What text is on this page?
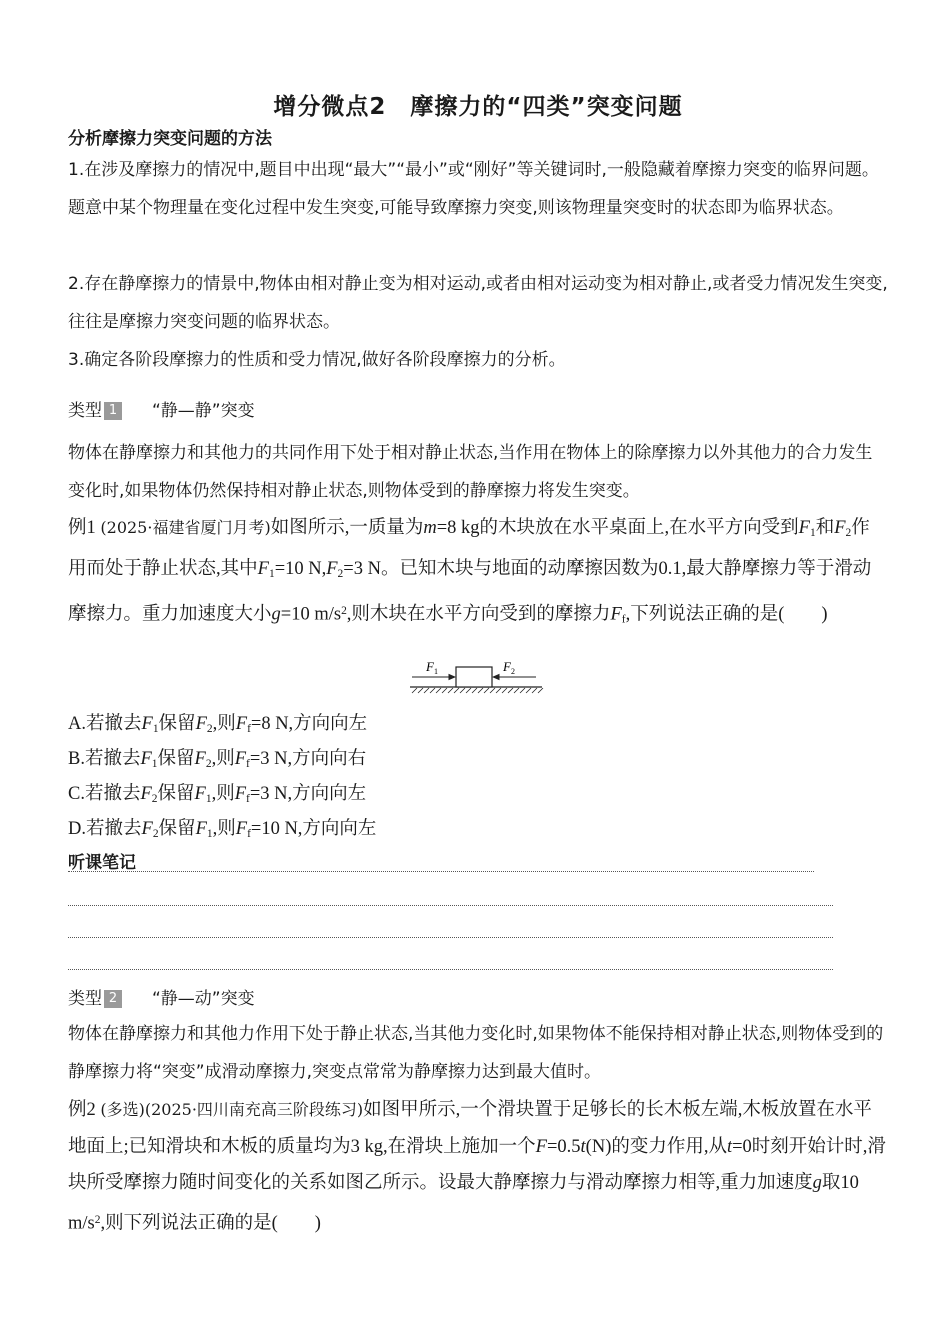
增分微点2　摩擦力的“四类”突变问题
分析摩擦力突变问题的方法
1.在涉及摩擦力的情况中,题目中出现“最大”“最小”或“刚好”等关键词时,一般隐藏着摩擦力突变的临界问题。题意中某个物理量在变化过程中发生突变,可能导致摩擦力突变,则该物理量突变时的状态即为临界状态。
2.存在静摩擦力的情景中,物体由相对静止变为相对运动,或者由相对运动变为相对静止,或者受力情况发生突变,往往是摩擦力突变问题的临界状态。
3.确定各阶段摩擦力的性质和受力情况,做好各阶段摩擦力的分析。
类型 1 “静—静”突变
物体在静摩擦力和其他力的共同作用下处于相对静止状态,当作用在物体上的除摩擦力以外其他力的合力发生变化时,如果物体仍然保持相对静止状态,则物体受到的静摩擦力将发生突变。
例1 (2025·福建省厦门月考)如图所示,一质量为m=8 kg的木块放在水平桌面上,在水平方向受到$F_1$和$F_2$作用而处于静止状态,其中$F_1=10$ $N,F_2=3$ N。已知木块与地面的动摩擦因数为0.1,最大静摩擦力等于滑动摩擦力。重力加速度大小g=10 $m/s^2$,则木块在水平方向受到的摩擦力$F_f$,下列说法正确的是(　　)
F 1	F 2
A.若撤去$F_1$保留$F_2$,则$F_f=8$ N,方向向左
B.若撤去$F_1$保留$F_2$,则$F_f=3$ N,方向向右
C.若撤去$F_2$保留$F_1$,则$F_f=3$ N,方向向左
D.若撤去$F_2$保留$F_1$,则$F_f=10$ N,方向向左
听课笔记
类型 2 “静—动”突变
物体在静摩擦力和其他力作用下处于静止状态,当其他力变化时,如果物体不能保持相对静止状态,则物体受到的静摩擦力将“突变”成滑动摩擦力,突变点常常为静摩擦力达到最大值时。
例2 (多选)(2025·四川南充高三阶段练习)如图甲所示,一个滑块置于足够长的长木板左端,木板放置在水平地面上;已知滑块和木板的质量均为3 kg,在滑块上施加一个F=0.5t(N)的变力作用,从t=0时刻开始计时,滑块所受摩擦力随时间变化的关系如图乙所示。设最大静摩擦力与滑动摩擦力相等,重力加速度g取10 $m/s^2$,则下列说法正确的是(　　)
